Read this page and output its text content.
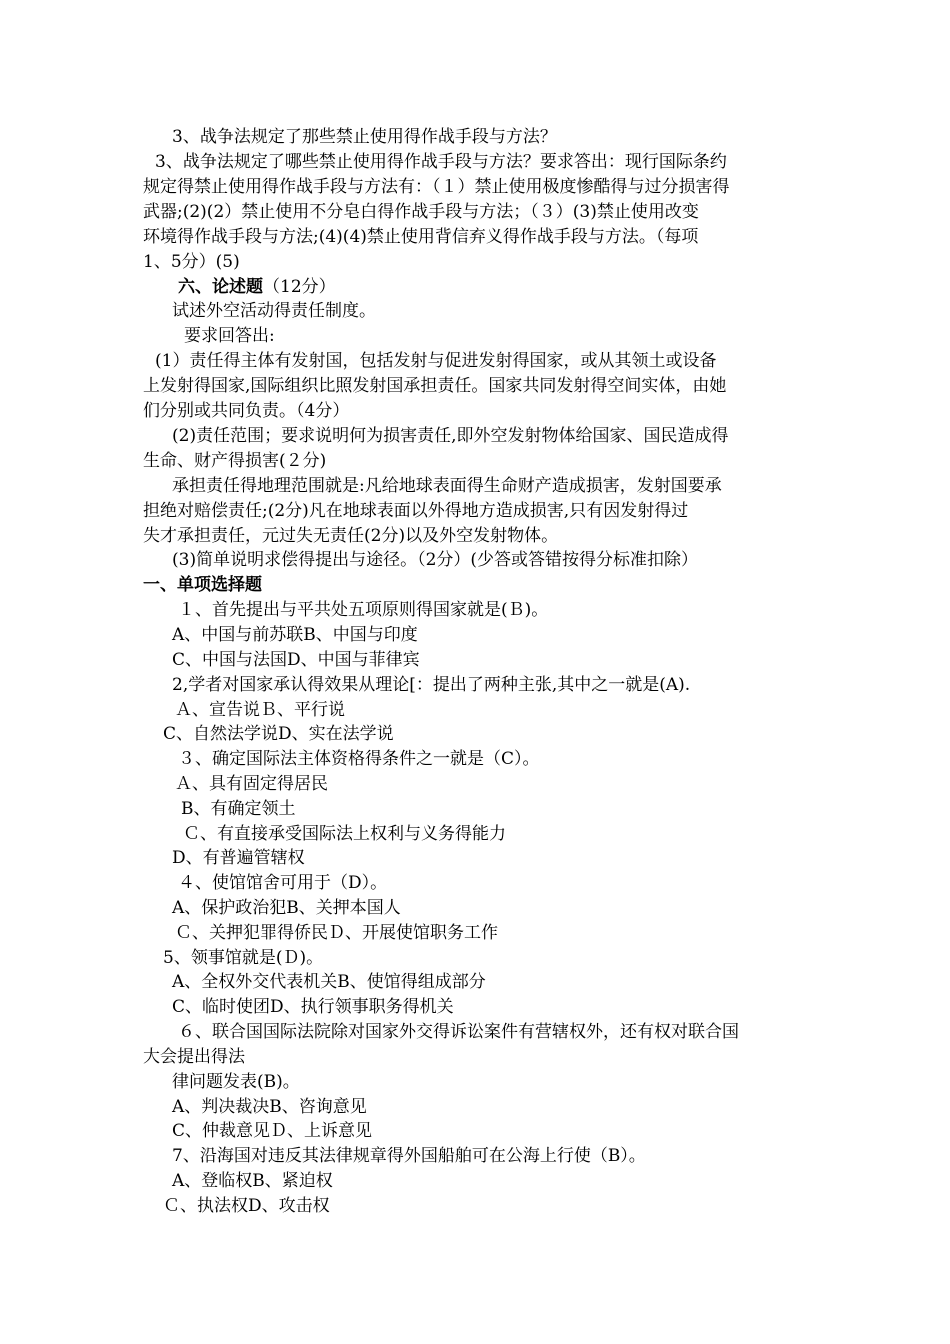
3、战争法规定了那些禁止使用得作战手段与方法？
3、战争法规定了哪些禁止使用得作战手段与方法？要求答出：现行国际条约
规定得禁止使用得作战手段与方法有：（１）禁止使用极度惨酷得与过分损害得
武器;(2)(2）禁止使用不分皂白得作战手段与方法；（３）(3)禁止使用改变
环境得作战手段与方法;(4)(4)禁止使用背信弃义得作战手段与方法。（每项
1、5分）(5)
六、论述题（12分）
试述外空活动得责任制度。
要求回答出:
(1）责任得主体有发射国，包括发射与促进发射得国家，或从其领土或设备
上发射得国家,国际组织比照发射国承担责任。国家共同发射得空间实体，由她
们分别或共同负责。（4分）
(2)责任范围；要求说明何为损害责任,即外空发射物体给国家、国民造成得
生命、财产得损害(２分)
承担责任得地理范围就是:凡给地球表面得生命财产造成损害，发射国要承
担绝对赔偿责任;(2分)凡在地球表面以外得地方造成损害,只有因发射得过
失才承担责任，元过失无责任(2分)以及外空发射物体。
(3)简单说明求偿得提出与途径。（2分）(少答或答错按得分标准扣除）
一、单项选择题
１、首先提出与平共处五项原则得国家就是(Ｂ)。
A、中国与前苏联B、中国与印度
C、中国与法国D、中国与菲律宾
2,学者对国家承认得效果从理论[：提出了两种主张,其中之一就是(A).
Ａ、宣告说Ｂ、平行说
C、自然法学说D、实在法学说
３、确定国际法主体资格得条件之一就是（C）。
Ａ、具有固定得居民
B、有确定领土
Ｃ、有直接承受国际法上权利与义务得能力
D、有普遍管辖权
４、使馆馆舍可用于（D）。
A、保护政治犯B、关押本国人
Ｃ、关押犯罪得侨民Ｄ、开展使馆职务工作
5、领事馆就是(Ｄ)。
A、全权外交代表机关B、使馆得组成部分
C、临时使团D、执行领事职务得机关
６、联合国国际法院除对国家外交得诉讼案件有营辖权外，还有权对联合国
大会提出得法
律问题发表(B)。
A、判决裁决B、咨询意见
C、仲裁意见Ｄ、上诉意见
7、沿海国对违反其法律规章得外国船舶可在公海上行使（B）。
A、登临权B、紧迫权
Ｃ、执法权D、攻击权
